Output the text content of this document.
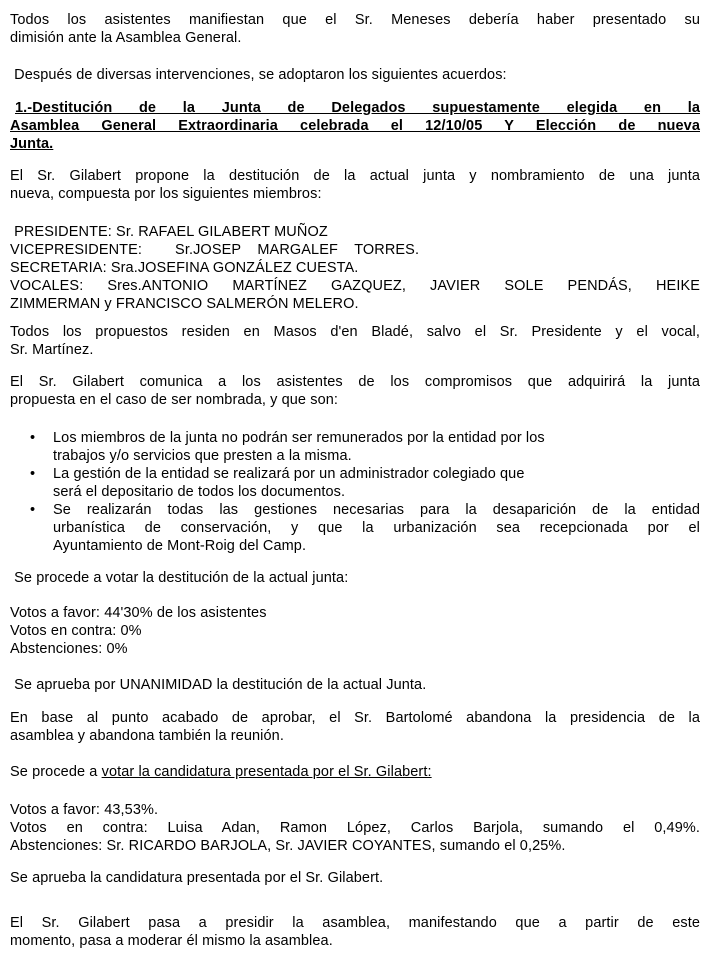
Todos los asistentes manifiestan que el Sr. Meneses debería haber presentado su
dimisión ante la Asamblea General.
Después de diversas intervenciones, se adoptaron los siguientes acuerdos:
1.-Destitución de la Junta de Delegados supuestamente elegida en la
Asamblea General Extraordinaria celebrada el 12/10/05 Y Elección de nueva
Junta.
El Sr. Gilabert propone la destitución de la actual junta y nombramiento de una junta
nueva, compuesta por los siguientes miembros:
PRESIDENTE: Sr. RAFAEL GILABERT MUÑOZ
VICEPRESIDENTE:        Sr.JOSEP    MARGALEF    TORRES.
SECRETARIA: Sra.JOSEFINA GONZÁLEZ CUESTA.
VOCALES: Sres.ANTONIO MARTÍNEZ GAZQUEZ, JAVIER SOLE PENDÁS, HEIKE
ZIMMERMAN y FRANCISCO SALMERÓN MELERO.
Todos los propuestos residen en Masos d'en Bladé, salvo el Sr. Presidente y el vocal,
Sr. Martínez.
El Sr. Gilabert comunica a los asistentes de los compromisos que adquirirá la junta
propuesta en el caso de ser nombrada, y que son:
•	Los miembros de la junta no podrán ser remunerados por la entidad por los
trabajos y/o servicios que presten a la misma.
•	La gestión de la entidad se realizará por un administrador colegiado que
será el depositario de todos los documentos.
•	Se realizarán todas las gestiones necesarias para la desaparición de la entidad
urbanística de conservación, y que la urbanización sea recepcionada por el
Ayuntamiento de Mont-Roig del Camp.
Se procede a votar la destitución de la actual junta:
Votos a favor: 44'30% de los asistentes
Votos en contra: 0%
Abstenciones: 0%
Se aprueba por UNANIMIDAD la destitución de la actual Junta.
En base al punto acabado de aprobar, el Sr. Bartolomé abandona la presidencia de la
asamblea y abandona también la reunión.
Se procede a votar la candidatura presentada por el Sr. Gilabert:
Votos a favor: 43,53%.
Votos en contra: Luisa Adan, Ramon López, Carlos Barjola, sumando el 0,49%.
Abstenciones: Sr. RICARDO BARJOLA, Sr. JAVIER COYANTES, sumando el 0,25%.
Se aprueba la candidatura presentada por el Sr. Gilabert.
El Sr. Gilabert pasa a presidir la asamblea, manifestando que a partir de este
momento, pasa a moderar él mismo la asamblea.
